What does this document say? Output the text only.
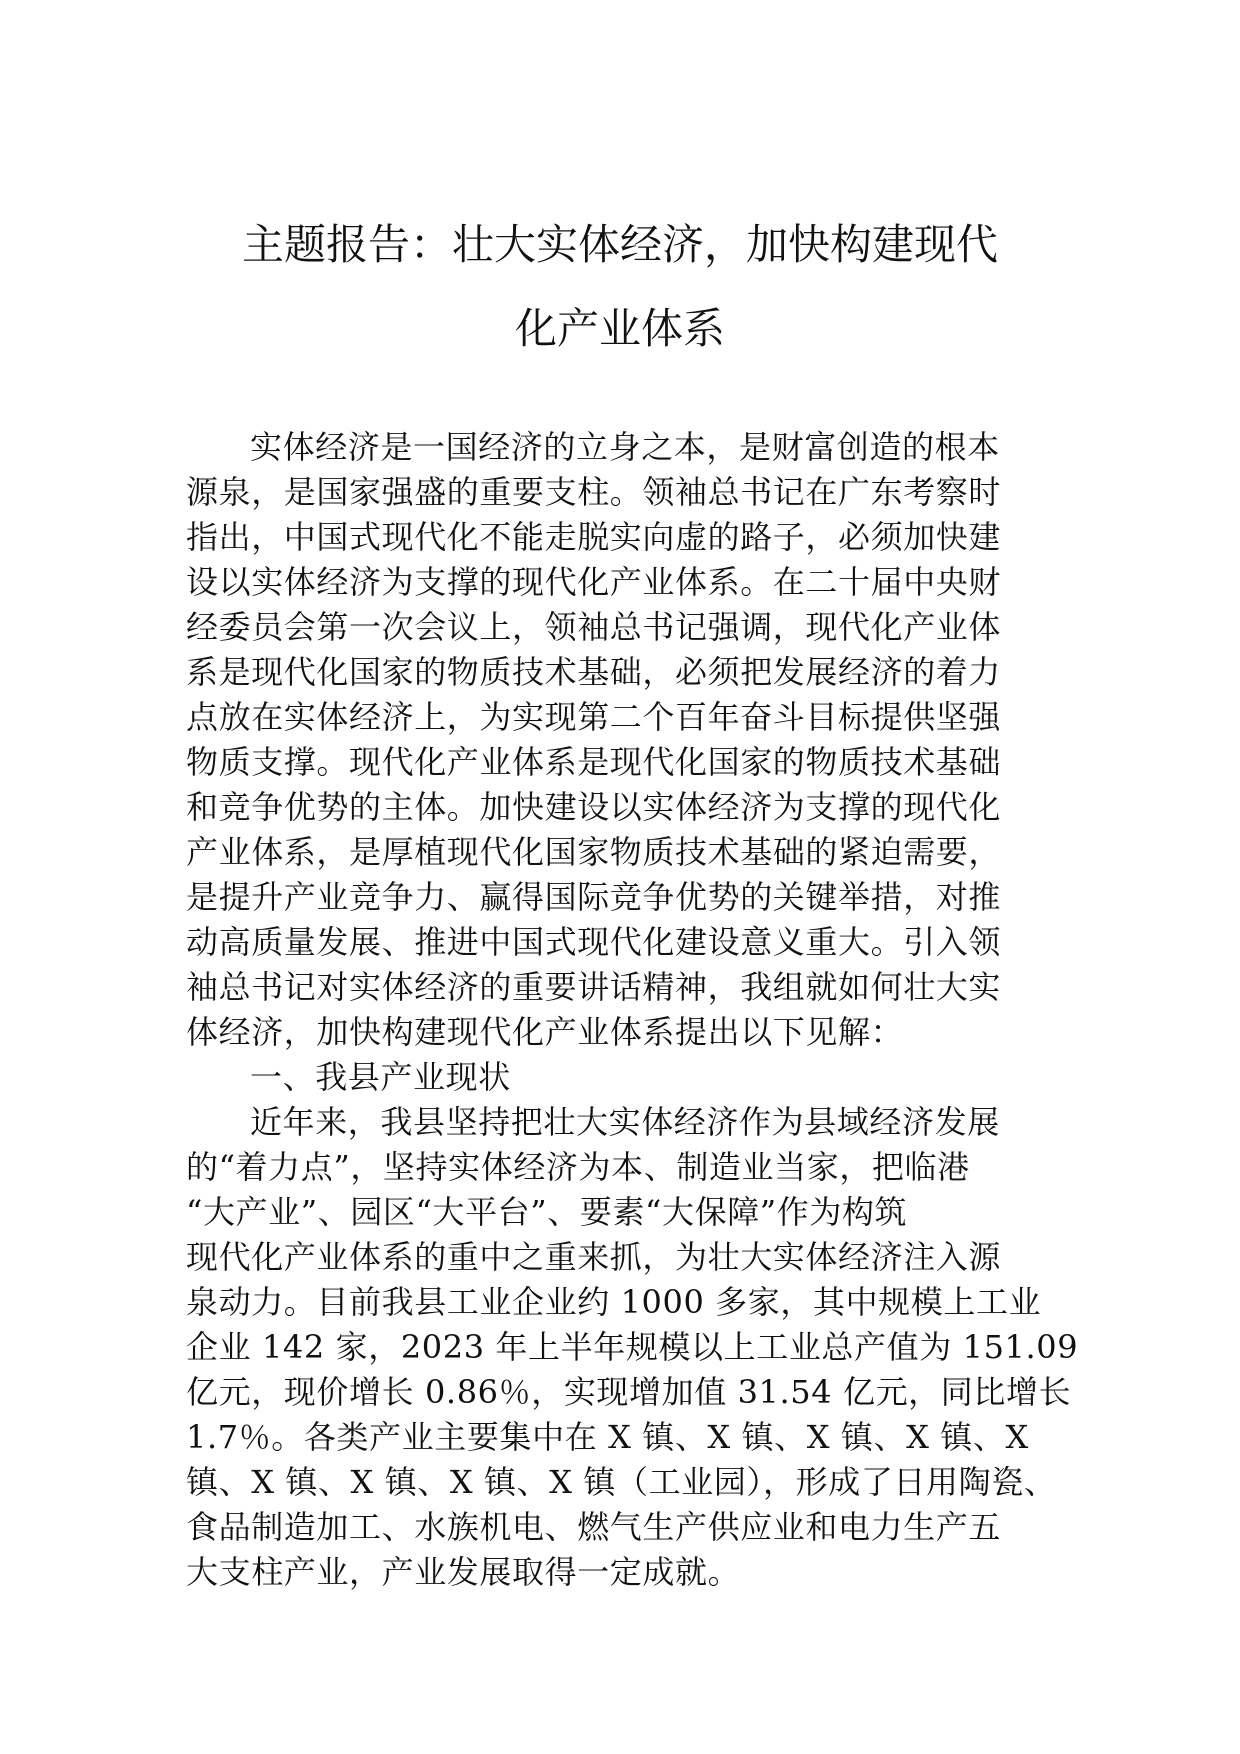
主题报告：壮大实体经济，加快构建现代
化产业体系
实体经济是一国经济的立身之本，是财富创造的根本
源泉，是国家强盛的重要支柱。领袖总书记在广东考察时
指出，中国式现代化不能走脱实向虚的路子，必须加快建
设以实体经济为支撑的现代化产业体系。在二十届中央财
经委员会第一次会议上，领袖总书记强调，现代化产业体
系是现代化国家的物质技术基础，必须把发展经济的着力
点放在实体经济上，为实现第二个百年奋斗目标提供坚强
物质支撑。现代化产业体系是现代化国家的物质技术基础
和竞争优势的主体。加快建设以实体经济为支撑的现代化
产业体系，是厚植现代化国家物质技术基础的紧迫需要，
是提升产业竞争力、赢得国际竞争优势的关键举措，对推
动高质量发展、推进中国式现代化建设意义重大。引入领
袖总书记对实体经济的重要讲话精神，我组就如何壮大实
体经济，加快构建现代化产业体系提出以下见解：
一、我县产业现状
近年来，我县坚持把壮大实体经济作为县域经济发展
的“着力点”，坚持实体经济为本、制造业当家，把临港
“大产业”、园区“大平台”、要素“大保障”作为构筑
现代化产业体系的重中之重来抓，为壮大实体经济注入源
泉动力。目前我县工业企业约 1000 多家，其中规模上工业
企业 142 家，2023 年上半年规模以上工业总产值为 151.09
亿元，现价增长 0.86％，实现增加值 31.54 亿元，同比增长
1.7％。各类产业主要集中在 X 镇、X 镇、X 镇、X 镇、X
镇、X 镇、X 镇、X 镇、X 镇（工业园），形成了日用陶瓷、
食品制造加工、水族机电、燃气生产供应业和电力生产五
大支柱产业，产业发展取得一定成就。
